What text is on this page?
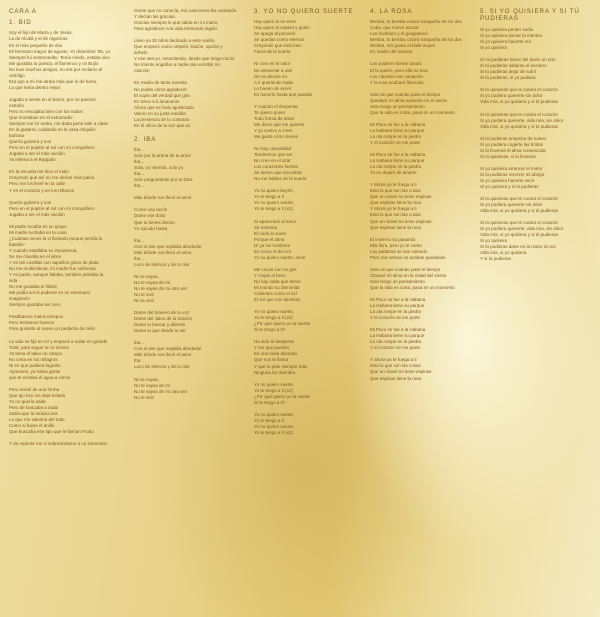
CARA A
1. BID
Soy el hijo de María y de Jesús,
La de Alcalá y el de Algeciras
Es el más pequeño de dos
Mi hermano mayor de agosto, Yo diciembre '85, yo
Siempre fui ventrevedito. Tenía miedo, estaba vivo
Me gustaba la poesía, el flamenco y mi Bujío
No tuve muchos amigos, no era por reclamo el
ombligo
Era que a mí me atraía más que lo de fuera,
Lo que tenía dentro mejor
Jugaba a veces en el barrio, por no parecer
extraño
Pero no encajaba bien con los malos
Que montaban en el extrarradio
Siempre me iní ranka, me daba pena salir a clase
En la guitarra, cuidando en la casa chiquilis
burlona
Quería guitarra y son
Pero en el pupitre al sol con mi compañero
Jugaba a ser el más vacilón
Ya rellena a el Rappalo
En la escuela me hice el malo
Creyendo que así no me darían más palos,
Pero me los llevé en la calle
Y en el corazón y en los rellanos
Quería guitarra y son
Pero en el pupitre al sol con mi compañero
Jugaba a ser el más vacilón
Mi padre tocaba en un grupo
Mi madre luchaba en la casa
¿Cuántas veces la vi llorando porque perdía la
batalla?
Y cuando estallaba su impotencia,
Se me clavaba en el alma
Y en las costillas con aquellos gritos de plata
No me multimilenta, mi madre fue sufriendo
Y mi padre, aunque fallaba, también peleaba la
vida
No me gustaba el fútbol,
Me podía sol el poderse en mi escenario
imaginario
Siempre gustaba ser cero
Pasábamos malos tiempos
Pero teníamos huevos
Para guisarla al nuevo un pedacito de cielo
La vida se fijó en mí y empecé a soltar en grande
Total, para seguir en lo mismo
Ya tema el taleo un campo
No creía en los milagros
Ni en que pudiera lograrlo
Aprenses, ya había gente
que te echaba el agua a cimos
Pero insistí de una forma
Que ajo hoy me deja helado
Yo no quería nada
Pero de buscaba a nada
Sabía que la música era
Lo que me salvaría del todo
Como si fuese el anillo
Que buscaba ese tipo que le llaman Frodo
Y de repente me vi sobrevindome a un escenario
Gente que no conocía, mis canciones iba cantando
Y decían las gracias,
Gracias siempre lo que sabía en mi mano,
Para agradecer a la vida tremendo regalo
Llevo ya 30 años dedicado a este sueño
Que empezó como ompeló, ilusión, opción y
anhelo
Y ese sea yo, resumiendo, desde que tengo razón
No intento engañar a nadie sino escribir mi
canción
En medio de tanta mentira
No pudes cómo agradecer
El soplo del verdad que gira
En torno a ti amanecer
Ahora que es hielo ajusticiado
Valoro en su justa medida
La presencia de lo contrario
En el oficio de la voz que va
2. IBA
Iba...
Solo por la arena de tu amor
Iba...
Sola, yo mirenta, solo yo
Iba...
Solo preguntando por tu Dios
Iba...
Más dónde nos llevó el amor
Come una razón
Dame ese dolor
Que tu tienes dentro
Yo sacudo hasta
Iba...
Con el aire que soplaba alrededor
Más dónde nos llevó el amor
Iba...
Loco de silencio y de tu olor
No te vayas,
No te vayas de mí
No te vayas de mi otra vez
No te vivir
No te vivir
Dame del brasero de tu voz
Dame del Jaleo de la traicion
Dame tu buscar y dámelo
Dame tu que desde tu ser
Iba...
Con el aire que soplaba alrededor
Más dónde nos llevó el amor
Iba...
Loco de silencio y de tu olor
No te vayas,
No te vayas de mí
No te vayas de mi otra vez
No te vivir
3. YO NO QUIERO SUERTE
Hay quien la ve venir
Hay quien la espera y quien
Se apega al porvenir
Se quedan como eternos
Creyendo que está bien
Fuera de la suerte
Ni creo en el valor
De atravesar a vivir
De no decirte no
A ir queriendo nada
Lo bueno de servir
Es hacerlo hasta que puedas
Y cuando el despertar
Te quiero poner
Todo forma de amar
Me dices que me quieres
Y yo vuelvo a creer
Me gusta cómo tienes
No hay casualidad
Tendremos que ser
No creo en el azar
Los corazones fuertes
Se tienen que encontrar
No me hables de la suerte
Yo no quiero beynh,
Yo te tengo a ti
Yo no quiero suerte,
Yo te tengo a ti (x2)
Si aparecitas al amor
Se extrema
El nudo lo suelo
Porque el alma
Di ya los hombres
En como el del vol
Yo no quiero suerte, amor
Me cocas con un gris
Y mojas el beso
No hay nada que temer
Mi mundo su demonita
Calientes como el sol
El sol que nos alumbra
Yo no quiero suerte,
Yo te tengo a ti (x2)
¿Pa' qué quiero yo la suerte
Si te tengo a ti?
Ha sido al despertar
Y ver que puedes
Es una meta absurda
Que nos te llama
Y que lo pide siempre más
Ninguna luz alumbra
Yo no quiero suerte,
Yo te tengo a ti (x2)
¿Pa' qué quiero yo la suerte
Si te tengo a ti?
Yo no quiero suerte,
Yo te tengo a ti
Yo no quiero suerte,
Yo te tengo a ti (x2)
4. LA ROSA
Bemba, tu bemba colora sonqueña de los dos
Cuba, que nuevo azucar
Los bumbum y el guaguancó
Bemba, tu bemba colorá sonqueña de los dos
Bemba, mis gusta el baile niquel
En medio del renacer
Los poderes tienen bando
El la quiero, pero ella no tuvo
Los claveles van cantando
Y la rosa acabará florecido
Solo se que cuando pase el tiempo
Quedará mi alma sonando en el viento
Solo tengo un pensamiento
Que la vida es corta, pasa en un momento
Mi Paco se fue a la Habana
La Habana tiene su parque
La ola rompe en la piedra
Y el corazón se me parte
Mi Paco se fue a la Habana
La Habana tiene su parque
La ola rompe en la piedra
Yo no dejaré de amarte
Y ahora ya te fuega a ti
Mira lo que son las cosas
Que un clavel no tiene espinas
Que espinas tiene la rosa
Y ahora ya te fuega a ti
Mira lo que son las cosas
Que un clavel no tiene espinas
Que espinas tiene la rosa
El invierno va pasando
Ella llora, pero yo le canto
Las palabras se van volando
Pero mis versos se acaban quedando
Solo sé que cuando pase el tiempo
Clavaré mi alma en la mitad del viento
Solo tengo un pensamiento
Que la vida es corta, pasa en un momento
Mi Paco se fue a la Habana
La Habana tiene su parque
La ola rompe en la piedra
Y el corazón se me parte
Mi Paco se fue a la Habana
La Habana tiene su parque
La ola rompe en la piedra
Y el corazón se me parte
Y ahora ya te fuega a ti
Mira lo que son las cosas
Que un clavel no tiene espinas
Que espinas tiene la rosa
5. SI YO QUISIERA Y SI TÚ PUDIERAS
Si yo quisiera perder sodio
Si yo quisiera domar la mentira
Si yo quisiera hacerte reír
Si yo quisiera
Si mi pudieras hacer del duelo un don
Si tú pudieras saltarse el encierro
Si tú pudieras dejar de sufrir
Si tú pudieras, si yo pudiera
Si tú quisieras que te curara el corazón
Si yo pudiera quererte sin dolor
Vida mía, si yo quisiera y si tú pudieras
Si tú quisieras que te curara el corazón
Si yo pudiera quererte, vida mía, sin dolor
Vida mía, si yo quisiera y si tú pudieras
Si tú pudieras empezar de nuevo
Si yo pudiera cogerte las bridas
Si tú lloveras el alma convencida
Si tú quisieras, si tú lloveras
Si yo quisiera arrancar el motor
Si tú pudieras recorrer mi abrigo
Si yo quisiera hacerte venir
Si yo quisiera y si tú pudieras
Si tú quisieras que te curara el corazón
Si yo pudiera quererte sin dolor
Vida mía, si yo quisiera y si tú pudieras
Si tú quisieras que te curara el corazón
Si yo pudiera quererte, vida mía, sin dolor
Vida mía, si yo quisiera y si tú pudieras
Si yo quisiera
Si tú pudieras darte en la mano mi sol
Vida mía, si yo quisiera
Y si tú pudieras
